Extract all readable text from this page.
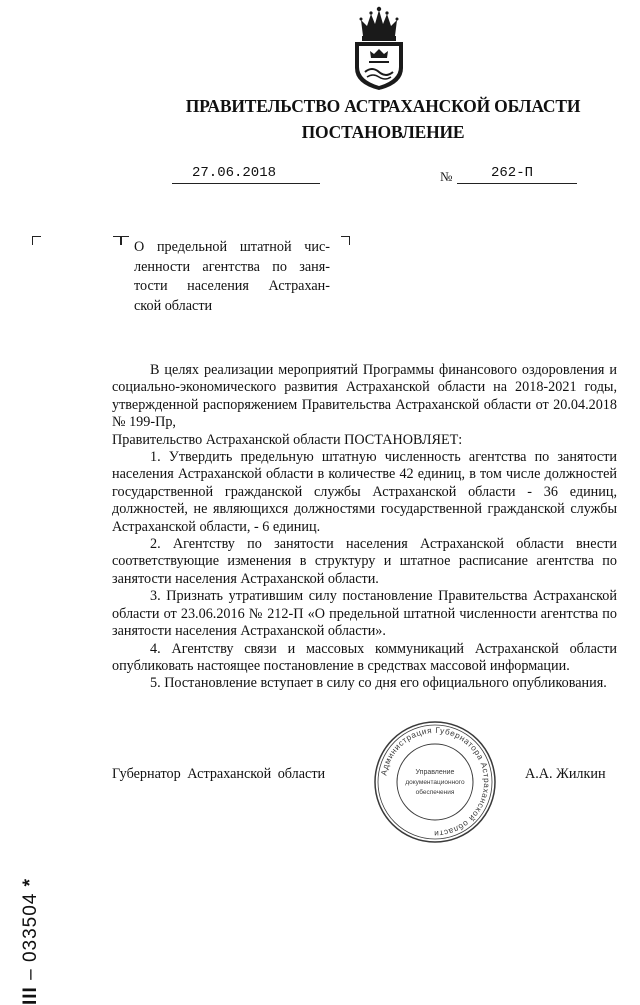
ПРАВИТЕЛЬСТВО АСТРАХАНСКОЙ ОБЛАСТИ
ПОСТАНОВЛЕНИЕ
27.06.2018	№	262-П
О предельной штатной чис-
ленности агентства по заня-
тости населения Астрахан-
ской области

В целях реализации мероприятий Программы финансового оздоровления и социально-экономического развития Астраханской области на 2018-2021 годы, утвержденной распоряжением Правительства Астраханской области от 20.04.2018 № 199-Пр,

Правительство Астраханской области ПОСТАНОВЛЯЕТ:

1. Утвердить предельную штатную численность агентства по занятости населения Астраханской области в количестве 42 единиц, в том числе должностей государственной гражданской службы Астраханской области - 36 единиц, должностей, не являющихся должностями государственной гражданской службы Астраханской области, - 6 единиц.

2. Агентству по занятости населения Астраханской области внести соответствующие изменения в структуру и штатное расписание агентства по занятости населения Астраханской области.

3. Признать утратившим силу постановление Правительства Астраханской области от 23.06.2016 № 212-П «О предельной штатной численности агентства по занятости населения Астраханской области».

4. Агентству связи и массовых коммуникаций Астраханской области опубликовать настоящее постановление в средствах массовой информации.

5. Постановление вступает в силу со дня его официального опубликования.

Губернатор Астраханской области	А.А. Жилкин
Администрация Губернатора Астраханской области
Управление
документационного
обеспечения
III – 033504 *
